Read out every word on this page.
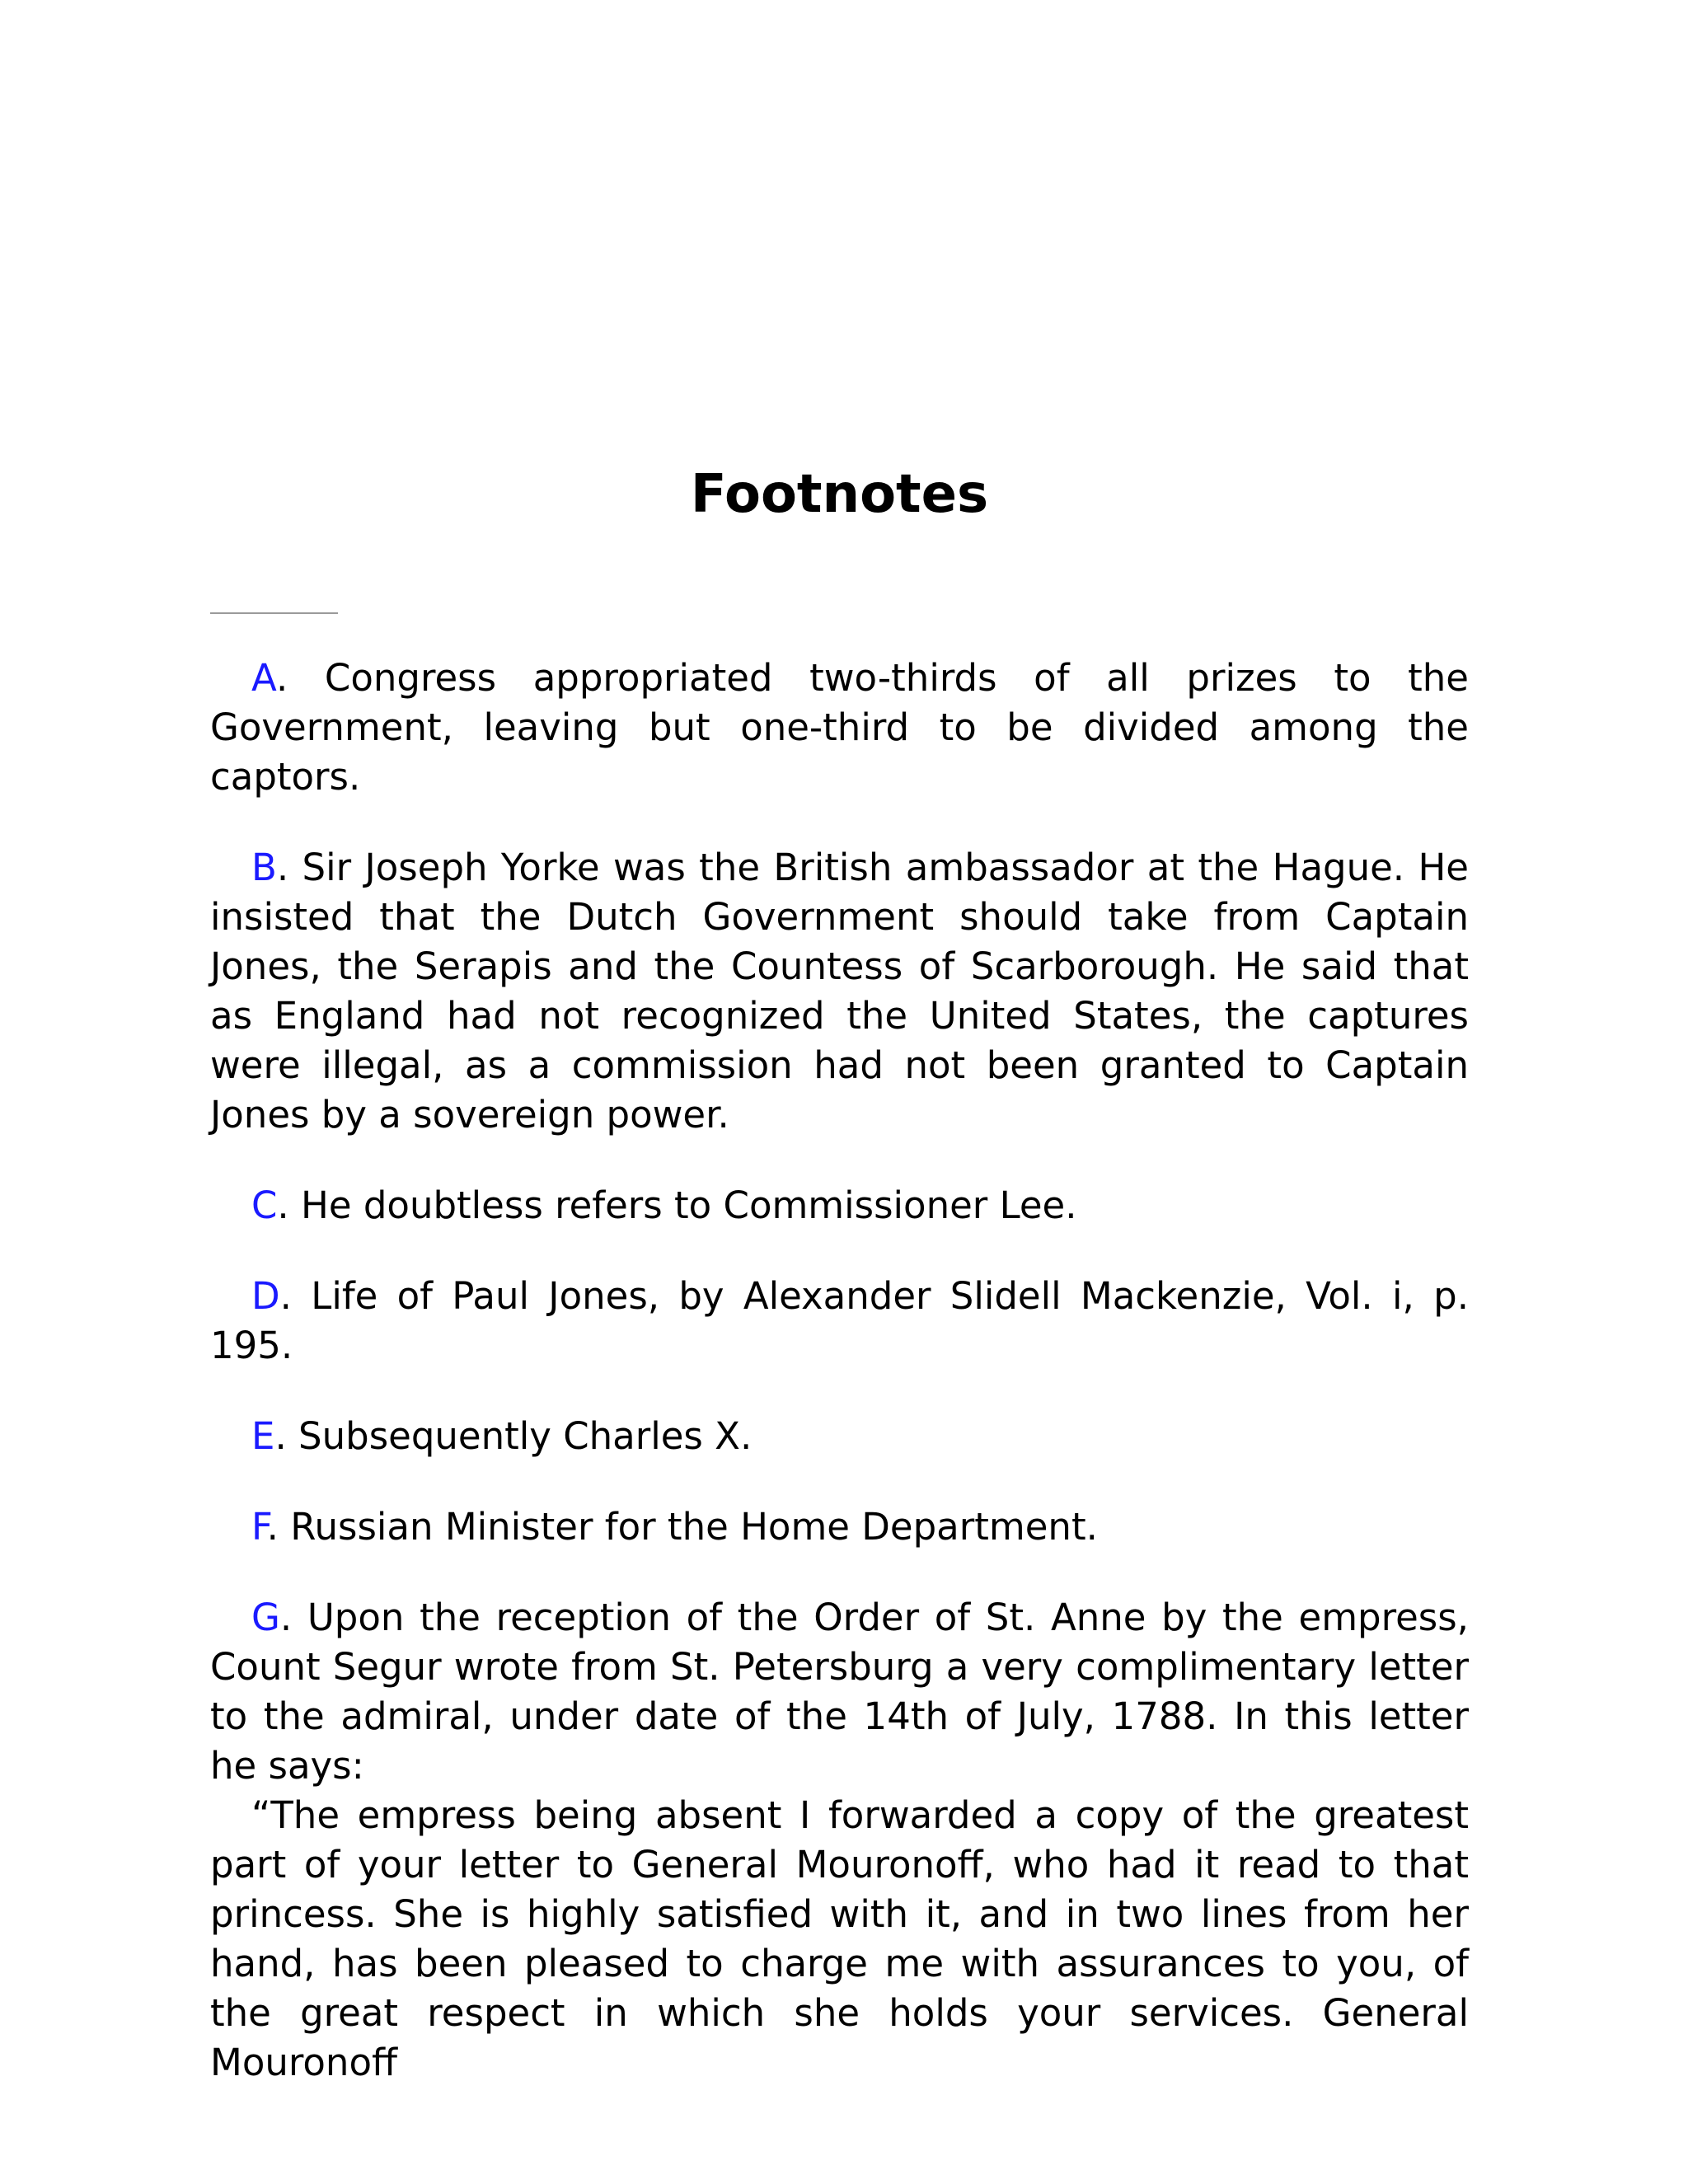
Footnotes

A. Congress appropriated two-thirds of all prizes to the Government, leaving but one-third to be divided among the captors.

B. Sir Joseph Yorke was the British ambassador at the Hague. He insisted that the Dutch Government should take from Captain Jones, the Serapis and the Countess of Scarborough. He said that as England had not recognized the United States, the captures were illegal, as a commission had not been granted to Captain Jones by a sovereign power.

C. He doubtless refers to Commissioner Lee.

D. Life of Paul Jones, by Alexander Slidell Mackenzie, Vol. i, p. 195.

E. Subsequently Charles X.

F. Russian Minister for the Home Department.

G. Upon the reception of the Order of St. Anne by the empress, Count Segur wrote from St. Petersburg a very complimentary letter to the admiral, under date of the 14th of July, 1788. In this letter he says:

“The empress being absent I forwarded a copy of the greatest part of your letter to General Mouronoff, who had it read to that princess. She is highly satisfied with it, and in two lines from her hand, has been pleased to charge me with assurances to you, of the great respect in which she holds your services. General Mouronoff
